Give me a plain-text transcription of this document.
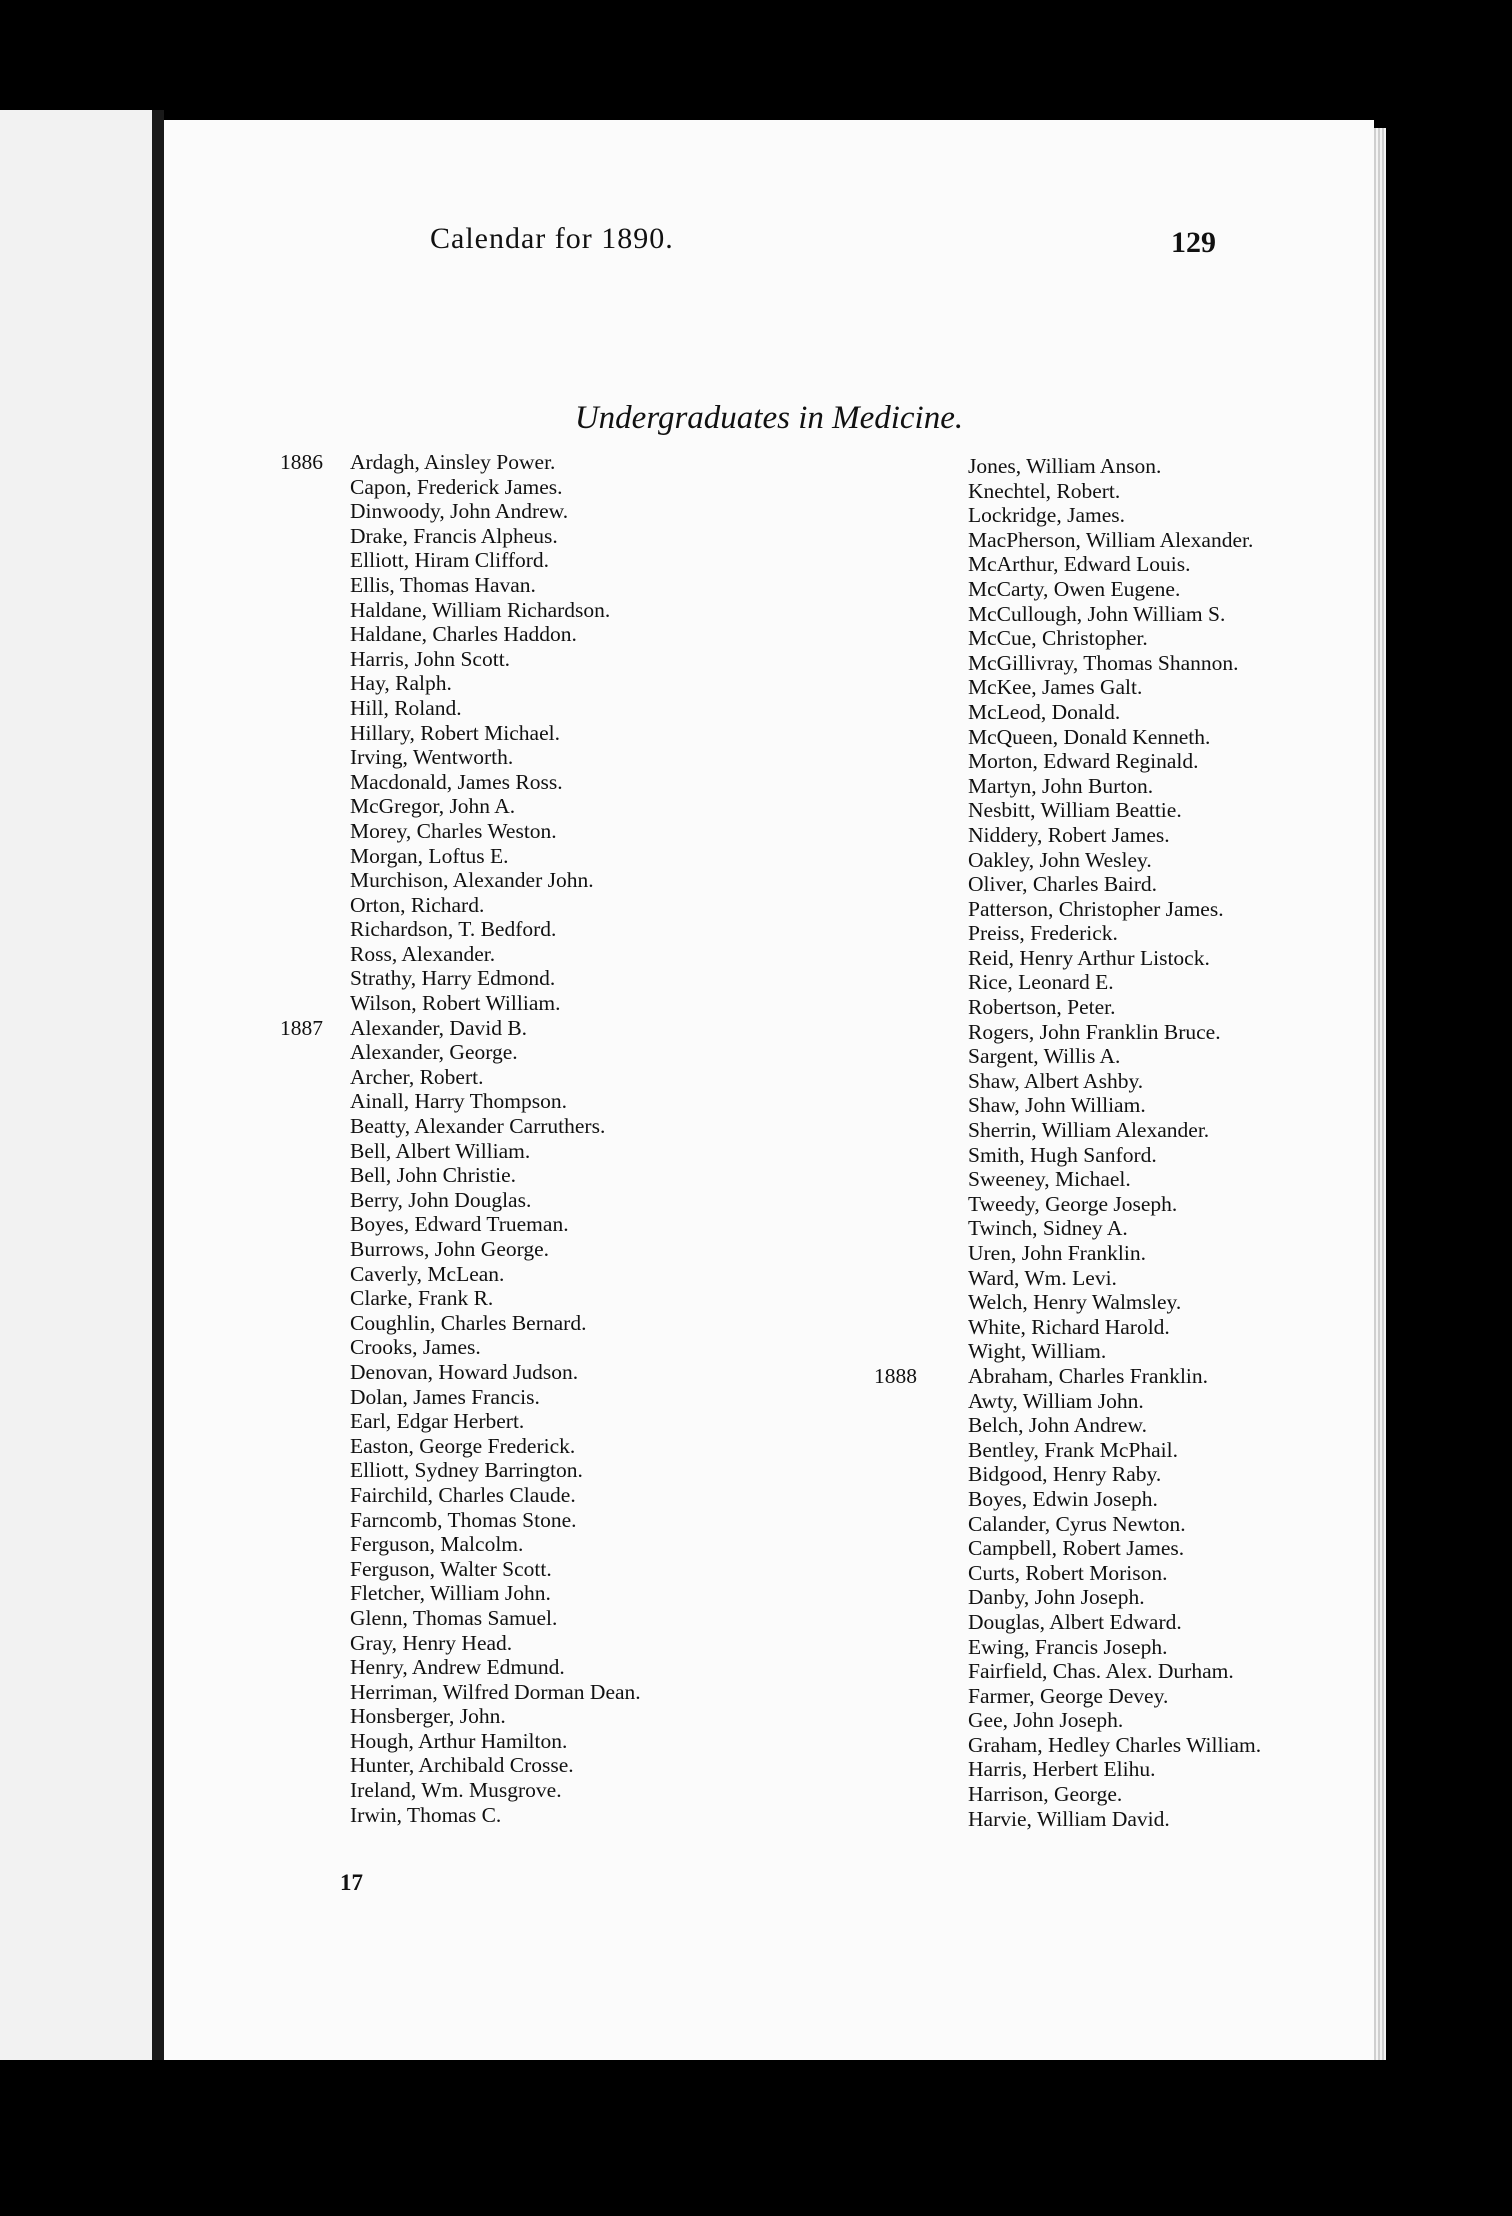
Calendar for 1890.	129
Undergraduates in Medicine.
1886 Ardagh, Ainsley Power.
Capon, Frederick James.
Dinwoody, John Andrew.
Drake, Francis Alpheus.
Elliott, Hiram Clifford.
Ellis, Thomas Havan.
Haldane, William Richardson.
Haldane, Charles Haddon.
Harris, John Scott.
Hay, Ralph.
Hill, Roland.
Hillary, Robert Michael.
Irving, Wentworth.
Macdonald, James Ross.
McGregor, John A.
Morey, Charles Weston.
Morgan, Loftus E.
Murchison, Alexander John.
Orton, Richard.
Richardson, T. Bedford.
Ross, Alexander.
Strathy, Harry Edmond.
Wilson, Robert William.
1887 Alexander, David B.
Alexander, George.
Archer, Robert.
Ainall, Harry Thompson.
Beatty, Alexander Carruthers.
Bell, Albert William.
Bell, John Christie.
Berry, John Douglas.
Boyes, Edward Trueman.
Burrows, John George.
Caverly, McLean.
Clarke, Frank R.
Coughlin, Charles Bernard.
Crooks, James.
Denovan, Howard Judson.
Dolan, James Francis.
Earl, Edgar Herbert.
Easton, George Frederick.
Elliott, Sydney Barrington.
Fairchild, Charles Claude.
Farncomb, Thomas Stone.
Ferguson, Malcolm.
Ferguson, Walter Scott.
Fletcher, William John.
Glenn, Thomas Samuel.
Gray, Henry Head.
Henry, Andrew Edmund.
Herriman, Wilfred Dorman Dean.
Honsberger, John.
Hough, Arthur Hamilton.
Hunter, Archibald Crosse.
Ireland, Wm. Musgrove.
Irwin, Thomas C.
Jones, William Anson.
Knechtel, Robert.
Lockridge, James.
MacPherson, William Alexander.
McArthur, Edward Louis.
McCarty, Owen Eugene.
McCullough, John William S.
McCue, Christopher.
McGillivray, Thomas Shannon.
McKee, James Galt.
McLeod, Donald.
McQueen, Donald Kenneth.
Morton, Edward Reginald.
Martyn, John Burton.
Nesbitt, William Beattie.
Niddery, Robert James.
Oakley, John Wesley.
Oliver, Charles Baird.
Patterson, Christopher James.
Preiss, Frederick.
Reid, Henry Arthur Listock.
Rice, Leonard E.
Robertson, Peter.
Rogers, John Franklin Bruce.
Sargent, Willis A.
Shaw, Albert Ashby.
Shaw, John William.
Sherrin, William Alexander.
Smith, Hugh Sanford.
Sweeney, Michael.
Tweedy, George Joseph.
Twinch, Sidney A.
Uren, John Franklin.
Ward, Wm. Levi.
Welch, Henry Walmsley.
White, Richard Harold.
Wight, William.
1888 Abraham, Charles Franklin.
Awty, William John.
Belch, John Andrew.
Bentley, Frank McPhail.
Bidgood, Henry Raby.
Boyes, Edwin Joseph.
Calander, Cyrus Newton.
Campbell, Robert James.
Curts, Robert Morison.
Danby, John Joseph.
Douglas, Albert Edward.
Ewing, Francis Joseph.
Fairfield, Chas. Alex. Durham.
Farmer, George Devey.
Gee, John Joseph.
Graham, Hedley Charles William.
Harris, Herbert Elihu.
Harrison, George.
Harvie, William David.
17
